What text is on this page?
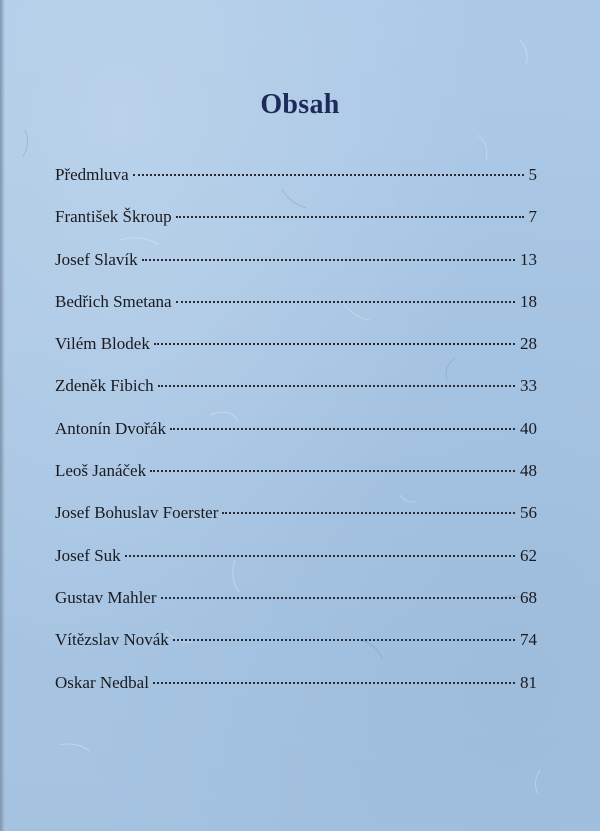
Obsah
Předmluva	5
František Škroup	7
Josef Slavík	13
Bedřich Smetana	18
Vilém Blodek	28
Zdeněk Fibich	33
Antonín Dvořák	40
Leoš Janáček	48
Josef Bohuslav Foerster	56
Josef Suk	62
Gustav Mahler	68
Vítězslav Novák	74
Oskar Nedbal	81
